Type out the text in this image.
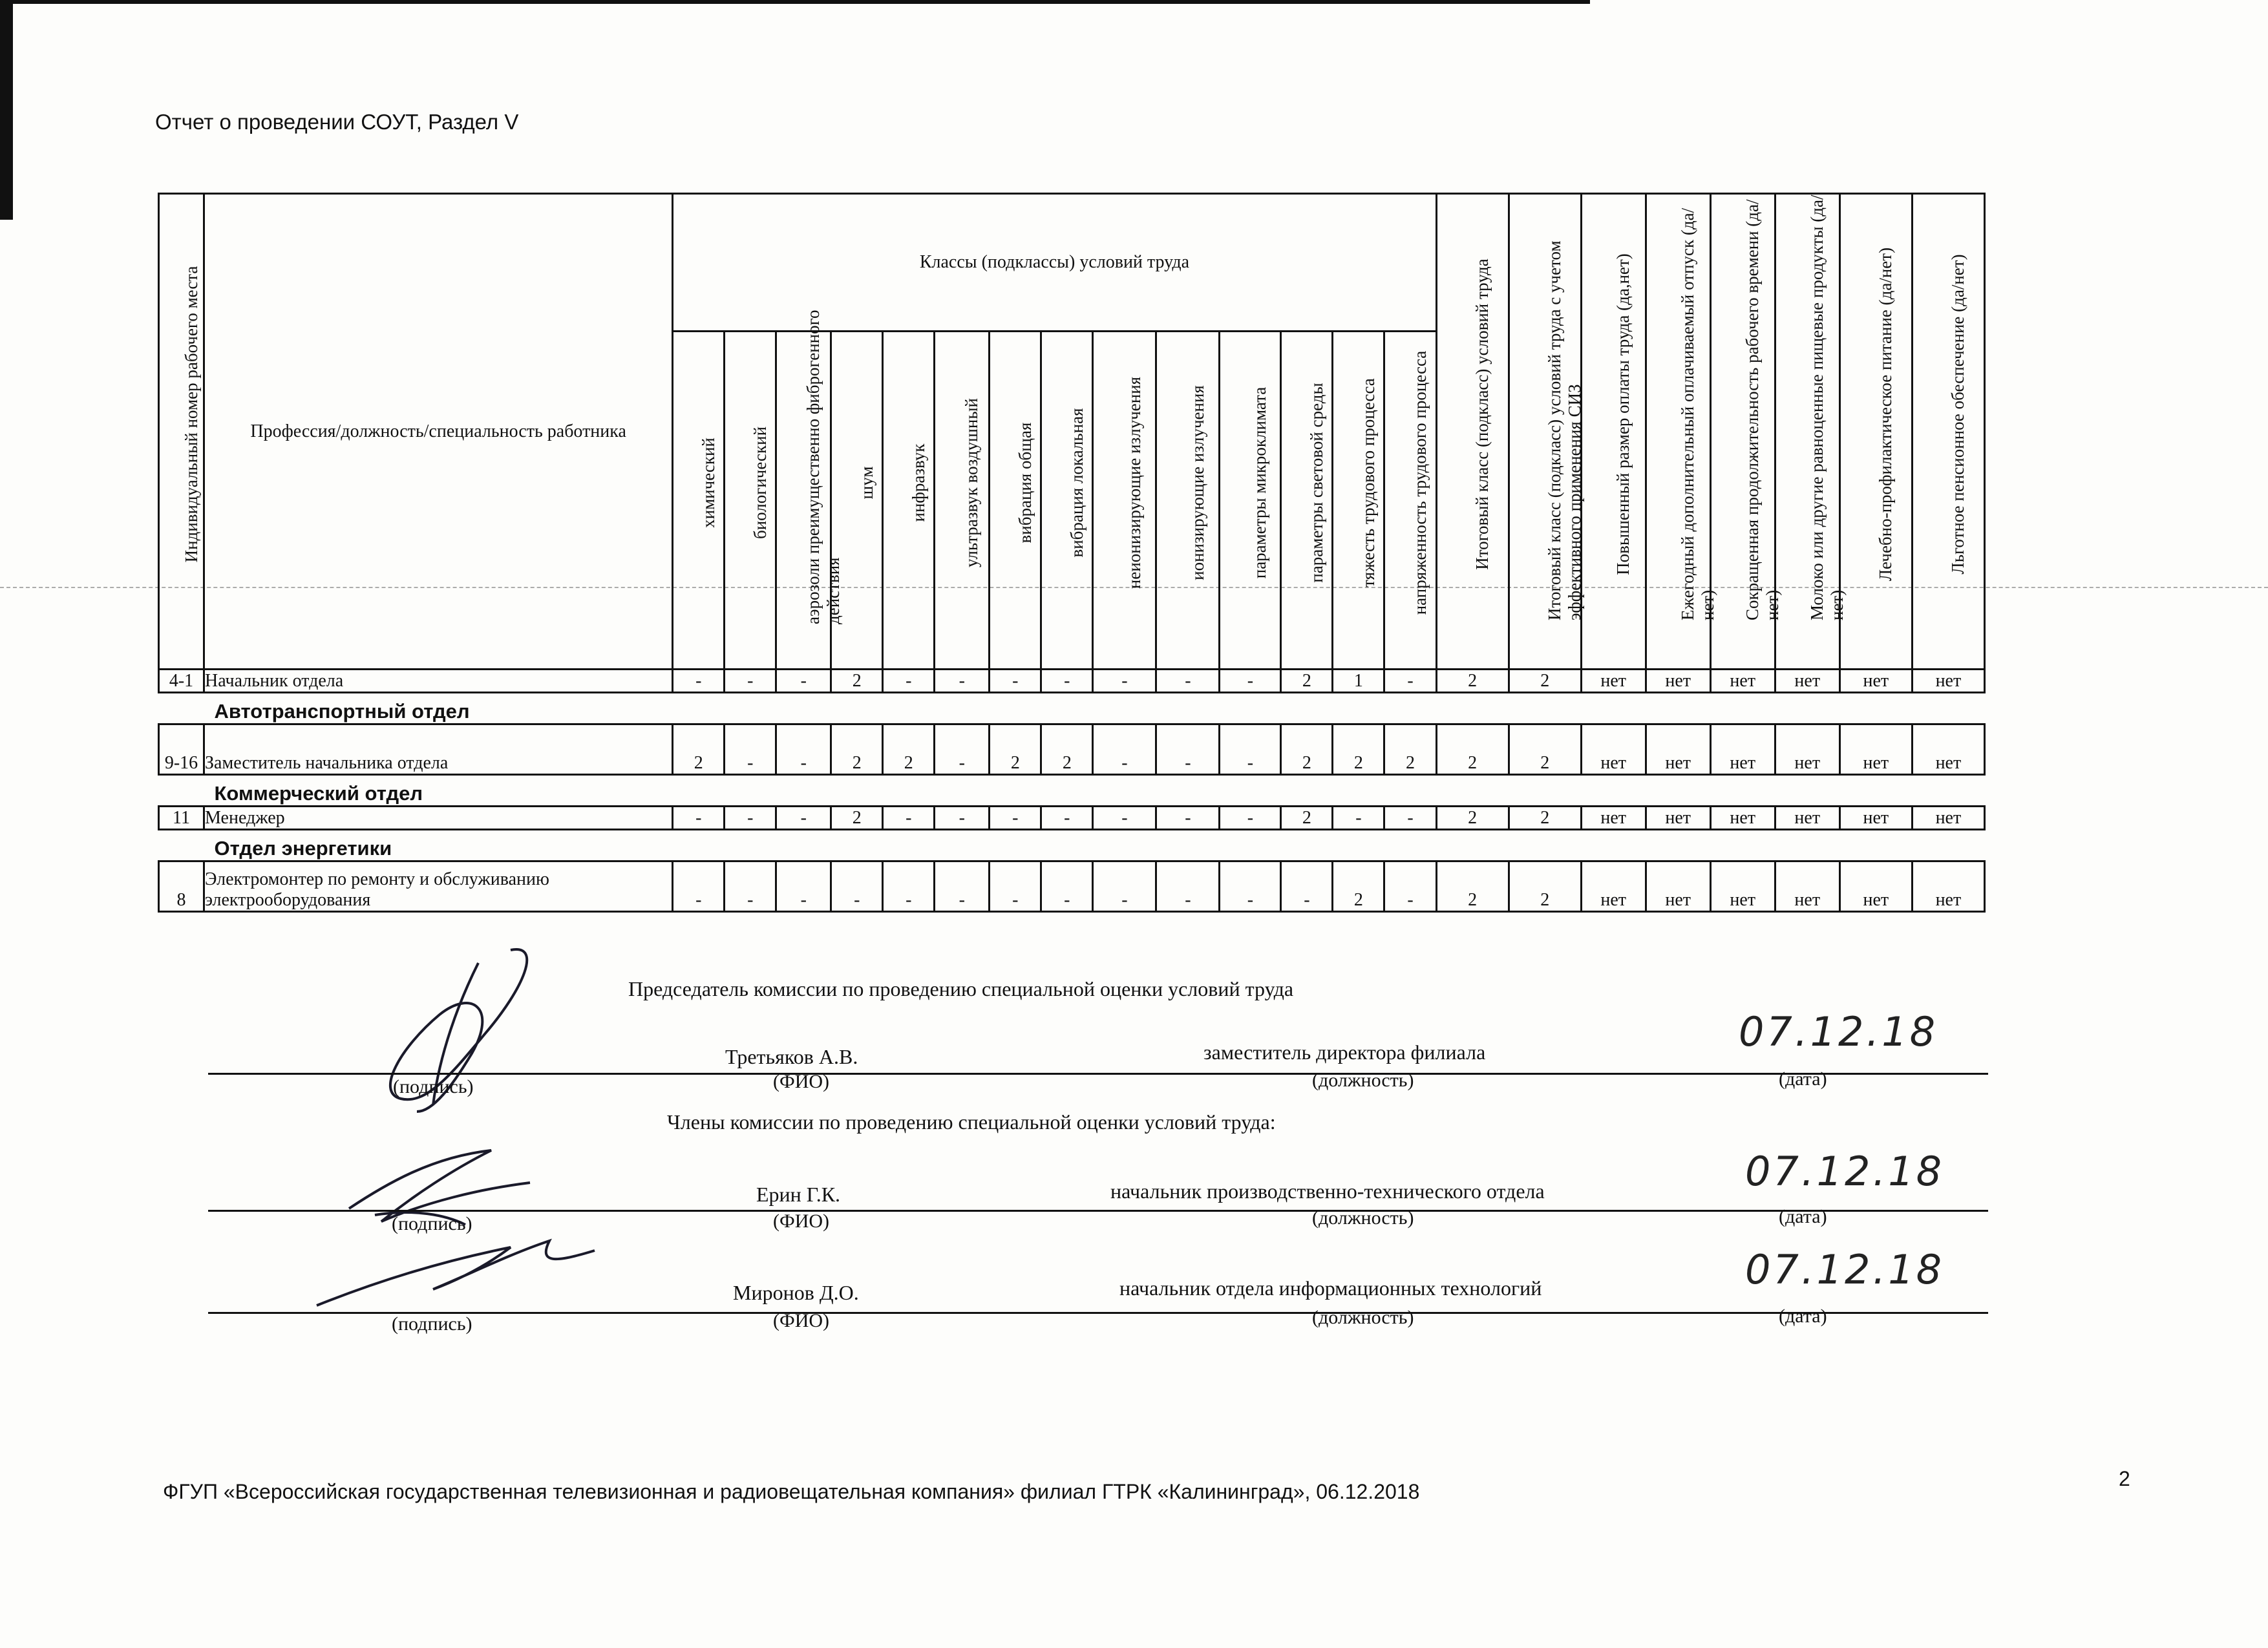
Отчет о проведении СОУТ, Раздел V
Индивидуальный номер рабочего места	Профессия/должность/специальность работника	Классы (подклассы) условий труда														Итоговый класс (подкласс) условий труда	Итоговый класс (подкласс) условий труда с учетом эффективного применения СИЗ	Повышенный размер оплаты труда (да,нет)	Ежегодный дополнительный оплачиваемый отпуск (да/нет)	Сокращенная продолжительность рабочего времени (да/нет)	Молоко или другие равноценные пищевые продукты (да/нет)	Лечебно-профилактическое питание (да/нет)	Льготное пенсионное обеспечение (да/нет)

		химический	биологический	аэрозоли преимущественно фиброгенного действия	шум	инфразвук	ультразвук воздушный	вибрация общая	вибрация локальная	неионизирующие излучения	ионизирующие излучения	параметры микроклимата	параметры световой среды	тяжесть трудового процесса	напряженность трудового процесса								

4-1	Начальник отдела	-	-	-	2	-	-	-	-	-	-	-	2	1	-	2	2	нет	нет	нет	нет	нет	нет

Автотранспортный отдел																							
9-16	Заместитель начальника отдела	2	-	-	2	2	-	2	2	-	-	-	2	2	2	2	2	нет	нет	нет	нет	нет	нет

Коммерческий отдел																							
11	Менеджер	-	-	-	2	-	-	-	-	-	-	-	2	-	-	2	2	нет	нет	нет	нет	нет	нет

Отдел энергетики																							
8	Электромонтер по ремонту и обслуживанию электрооборудования	-	-	-	-	-	-	-	-	-	-	-	-	2	-	2	2	нет	нет	нет	нет	нет	нет
Председатель комиссии по проведению специальной оценки условий труда
Третьяков А.В.	заместитель директора филиала	07.12.18
(подпись)	(ФИО)	(должность)	(дата)
Члены комиссии по проведению специальной оценки условий труда:
Ерин Г.К.	начальник производственно-технического отдела	07.12.18
(подпись)	(ФИО)	(должность)	(дата)
Миронов Д.О.	начальник отдела информационных технологий	07.12.18
(подпись)	(ФИО)	(должность)	(дата)
ФГУП «Всероссийская государственная телевизионная и радиовещательная компания» филиал ГТРК «Калининград», 06.12.2018
2
